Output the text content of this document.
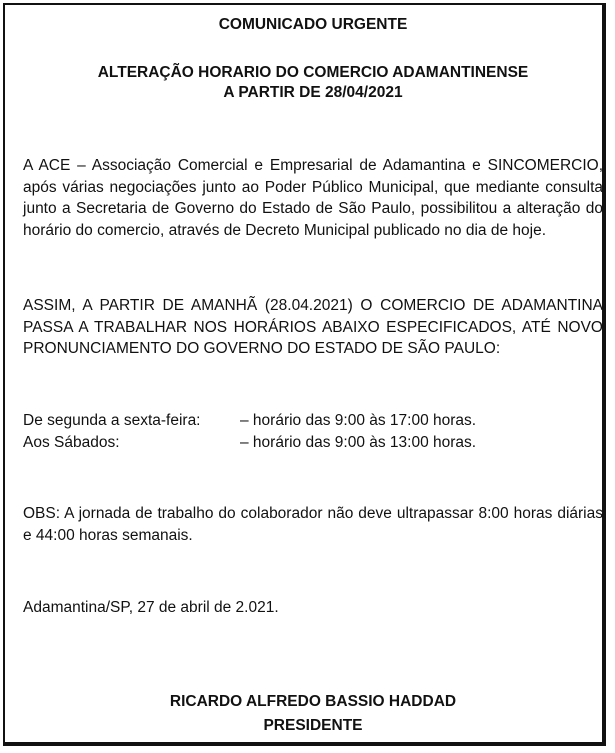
COMUNICADO URGENTE
ALTERAÇÃO HORARIO DO COMERCIO ADAMANTINENSE
A PARTIR DE 28/04/2021
A ACE – Associação Comercial e Empresarial de Adamantina e SINCOMERCIO, após várias negociações junto ao Poder Público Municipal, que mediante consulta junto a Secretaria de Governo do Estado de São Paulo, possibilitou a alteração do horário do comercio, através de Decreto Municipal publicado no dia de hoje.
ASSIM, A PARTIR DE AMANHÃ (28.04.2021) O COMERCIO DE ADAMANTINA PASSA A TRABALHAR NOS HORÁRIOS ABAIXO ESPECIFICADOS, ATÉ NOVO PRONUNCIAMENTO DO GOVERNO DO ESTADO DE SÃO PAULO:
De segunda a sexta-feira:	– horário das 9:00 às 17:00 horas.
Aos Sábados:	– horário das 9:00 às 13:00 horas.
OBS: A jornada de trabalho do colaborador não deve ultrapassar 8:00 horas diárias e 44:00 horas semanais.
Adamantina/SP, 27 de abril de 2.021.
RICARDO ALFREDO BASSIO HADDAD
PRESIDENTE
